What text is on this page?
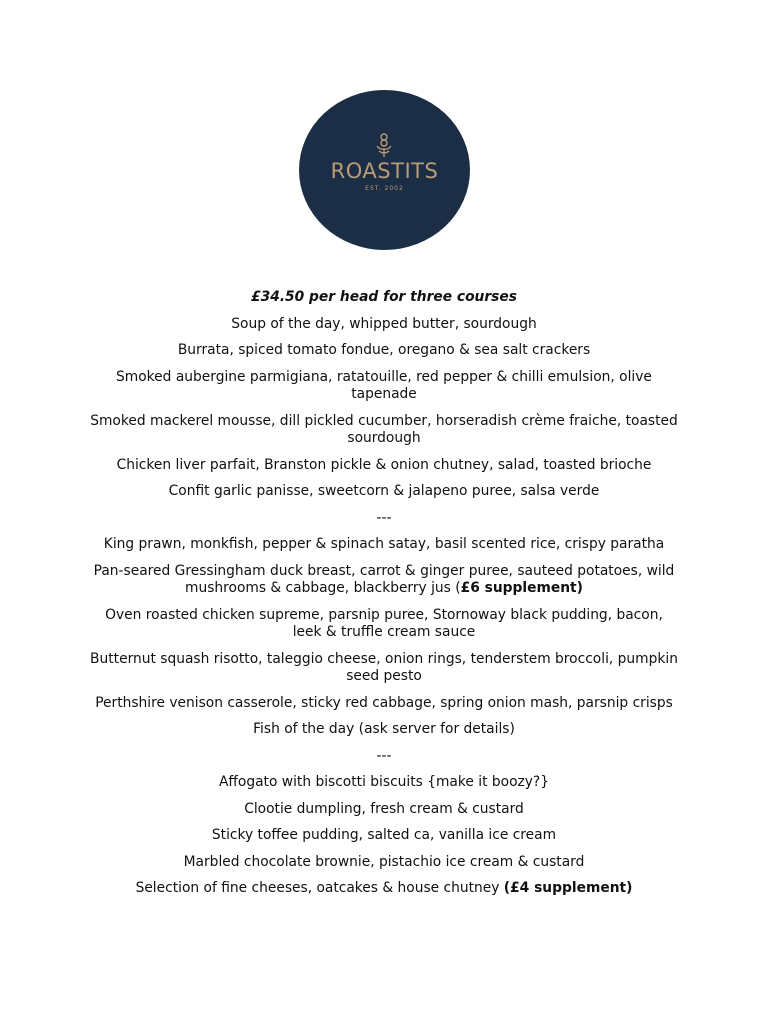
ROASTITS
EST. 2002

£34.50 per head for three courses

Soup of the day, whipped butter, sourdough

Burrata, spiced tomato fondue, oregano & sea salt crackers

Smoked aubergine parmigiana, ratatouille, red pepper & chilli emulsion, olive tapenade

Smoked mackerel mousse, dill pickled cucumber, horseradish crème fraiche, toasted sourdough

Chicken liver parfait, Branston pickle & onion chutney, salad, toasted brioche

Confit garlic panisse, sweetcorn & jalapeno puree, salsa verde

---

King prawn, monkfish, pepper & spinach satay, basil scented rice, crispy paratha

Pan-seared Gressingham duck breast, carrot & ginger puree, sauteed potatoes, wild mushrooms & cabbage, blackberry jus (£6 supplement)

Oven roasted chicken supreme, parsnip puree, Stornoway black pudding, bacon, leek & truffle cream sauce

Butternut squash risotto, taleggio cheese, onion rings, tenderstem broccoli, pumpkin seed pesto

Perthshire venison casserole, sticky red cabbage, spring onion mash, parsnip crisps

Fish of the day (ask server for details)

---

Affogato with biscotti biscuits {make it boozy?}

Clootie dumpling, fresh cream & custard

Sticky toffee pudding, salted ca, vanilla ice cream

Marbled chocolate brownie, pistachio ice cream & custard

Selection of fine cheeses, oatcakes & house chutney (£4 supplement)
